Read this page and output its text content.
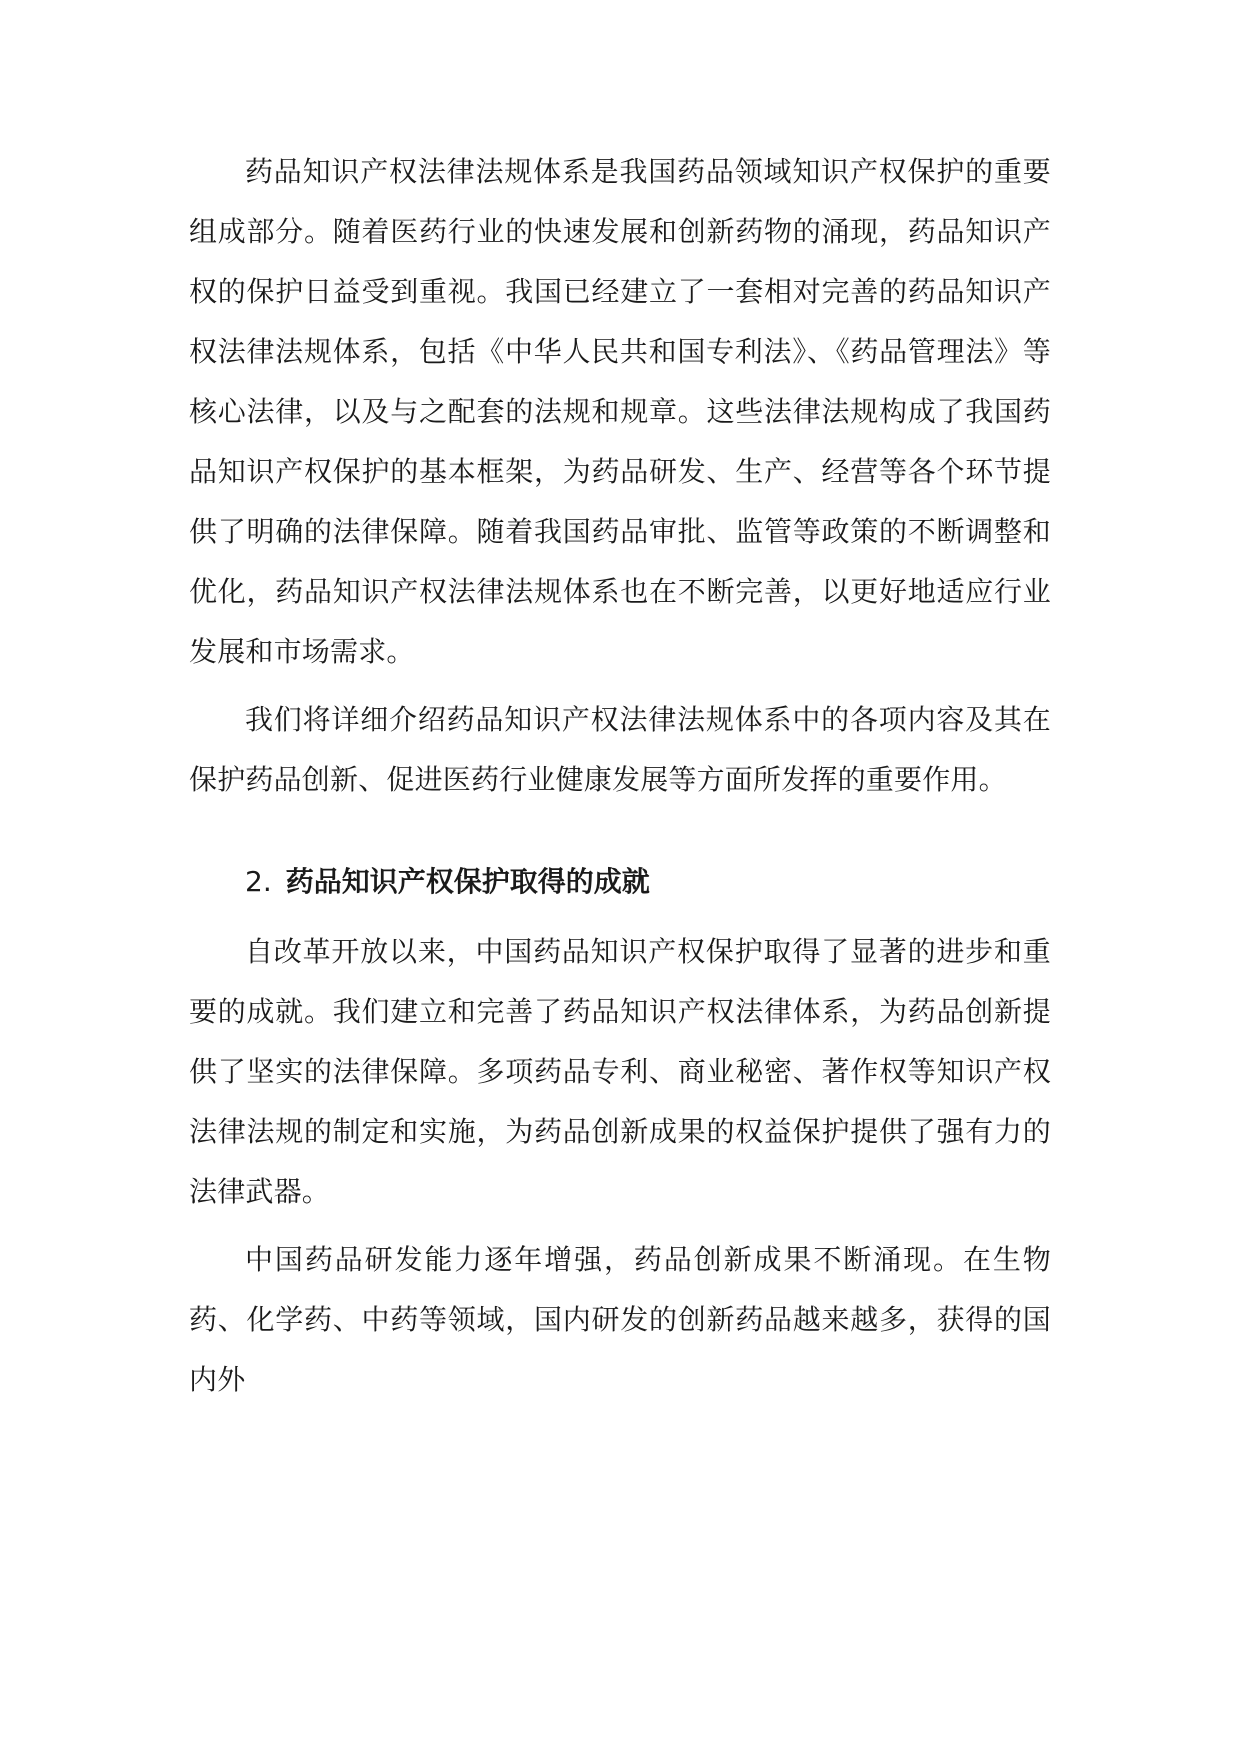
药品知识产权法律法规体系是我国药品领域知识产权保护的重要组成部分。随着医药行业的快速发展和创新药物的涌现，药品知识产权的保护日益受到重视。我国已经建立了一套相对完善的药品知识产权法律法规体系，包括《中华人民共和国专利法》、《药品管理法》等核心法律，以及与之配套的法规和规章。这些法律法规构成了我国药品知识产权保护的基本框架，为药品研发、生产、经营等各个环节提供了明确的法律保障。随着我国药品审批、监管等政策的不断调整和优化，药品知识产权法律法规体系也在不断完善，以更好地适应行业发展和市场需求。

我们将详细介绍药品知识产权法律法规体系中的各项内容及其在保护药品创新、促进医药行业健康发展等方面所发挥的重要作用。

2. 药品知识产权保护取得的成就

自改革开放以来，中国药品知识产权保护取得了显著的进步和重要的成就。我们建立和完善了药品知识产权法律体系，为药品创新提供了坚实的法律保障。多项药品专利、商业秘密、著作权等知识产权法律法规的制定和实施，为药品创新成果的权益保护提供了强有力的法律武器。

中国药品研发能力逐年增强，药品创新成果不断涌现。在生物药、化学药、中药等领域，国内研发的创新药品越来越多，获得的国内外
